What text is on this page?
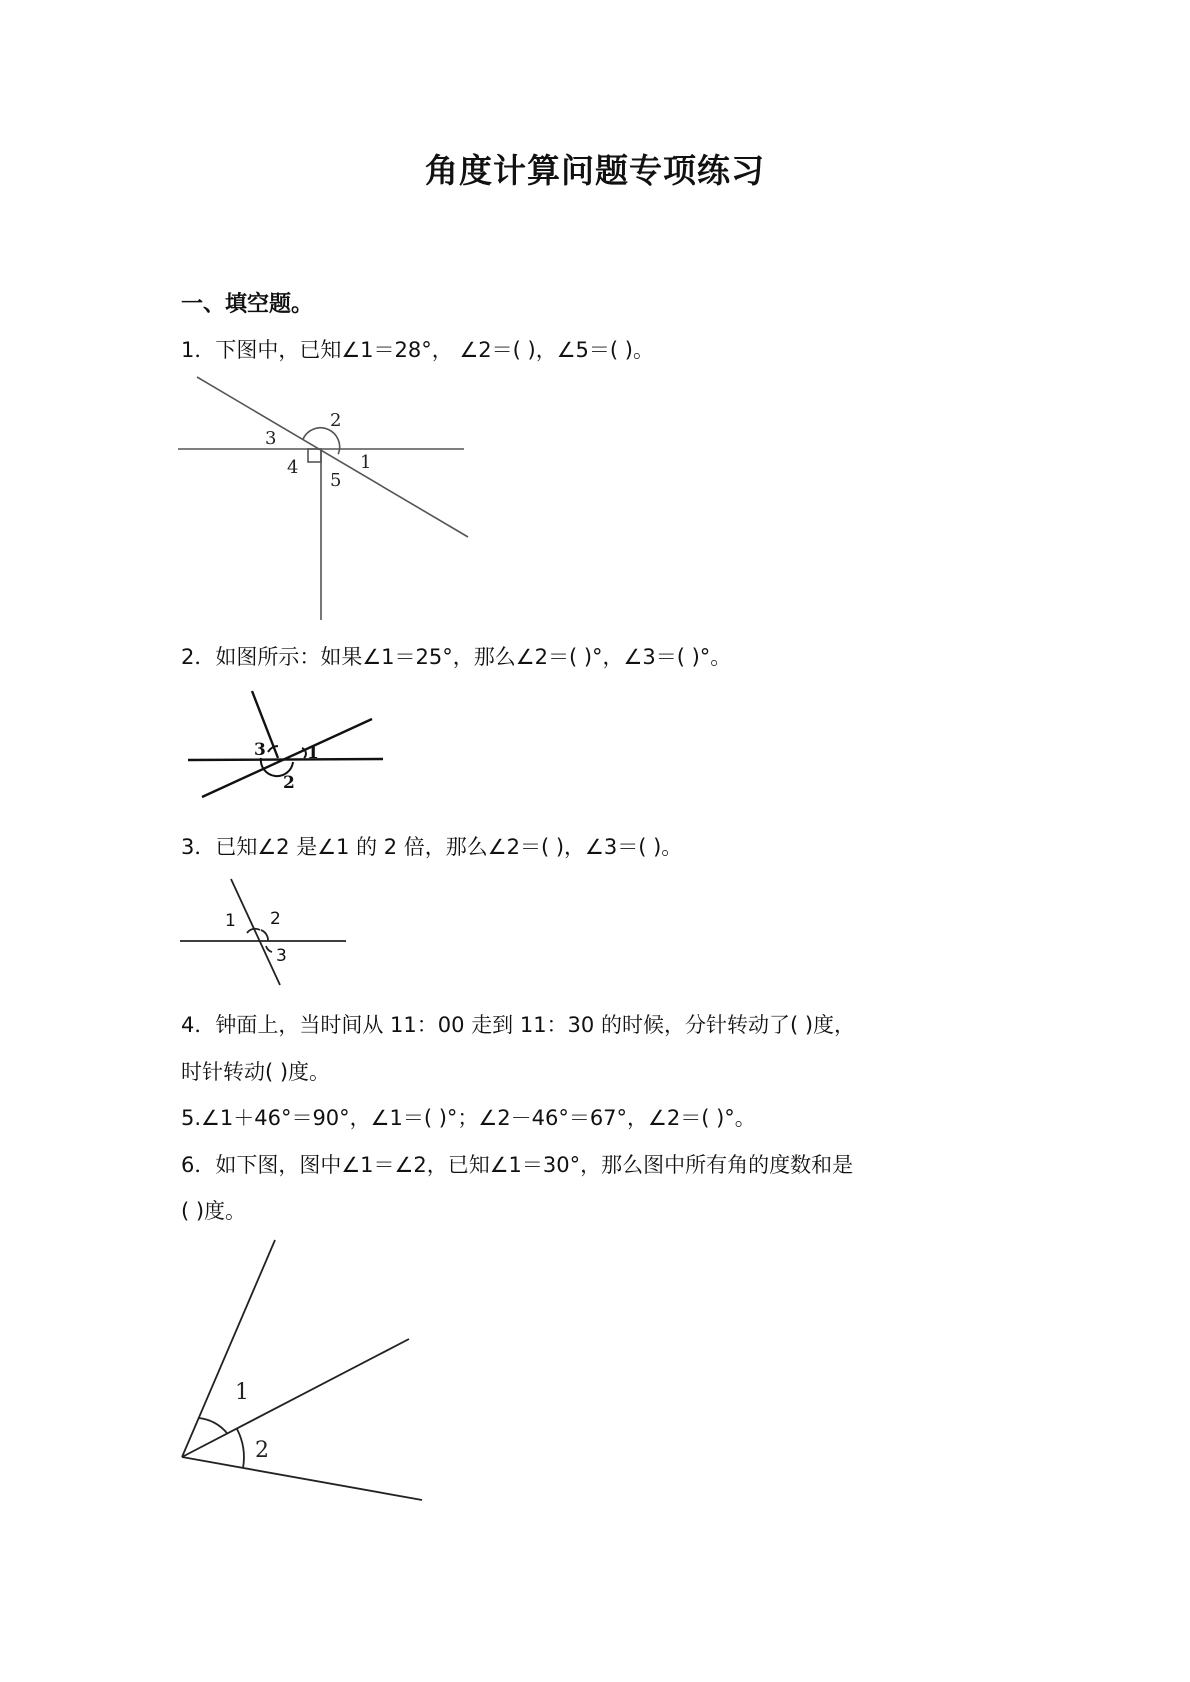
角度计算问题专项练习
一、填空题。
1．下图中，已知∠1＝28°， ∠2＝( )，∠5＝( )。
2
3
4	1
5
2．如图所示：如果∠1＝25°，那么∠2＝( )°，∠3＝( )°。
3 1
2
3．已知∠2 是∠1 的 2 倍，那么∠2＝( )，∠3＝( )。
1 2
3
4．钟面上，当时间从 11：00 走到 11：30 的时候，分针转动了( )度，
时针转动( )度。
5.∠1＋46°＝90°，∠1＝( )°；∠2－46°＝67°，∠2＝( )°。
6．如下图，图中∠1＝∠2，已知∠1＝30°，那么图中所有角的度数和是
( )度。
1
2
